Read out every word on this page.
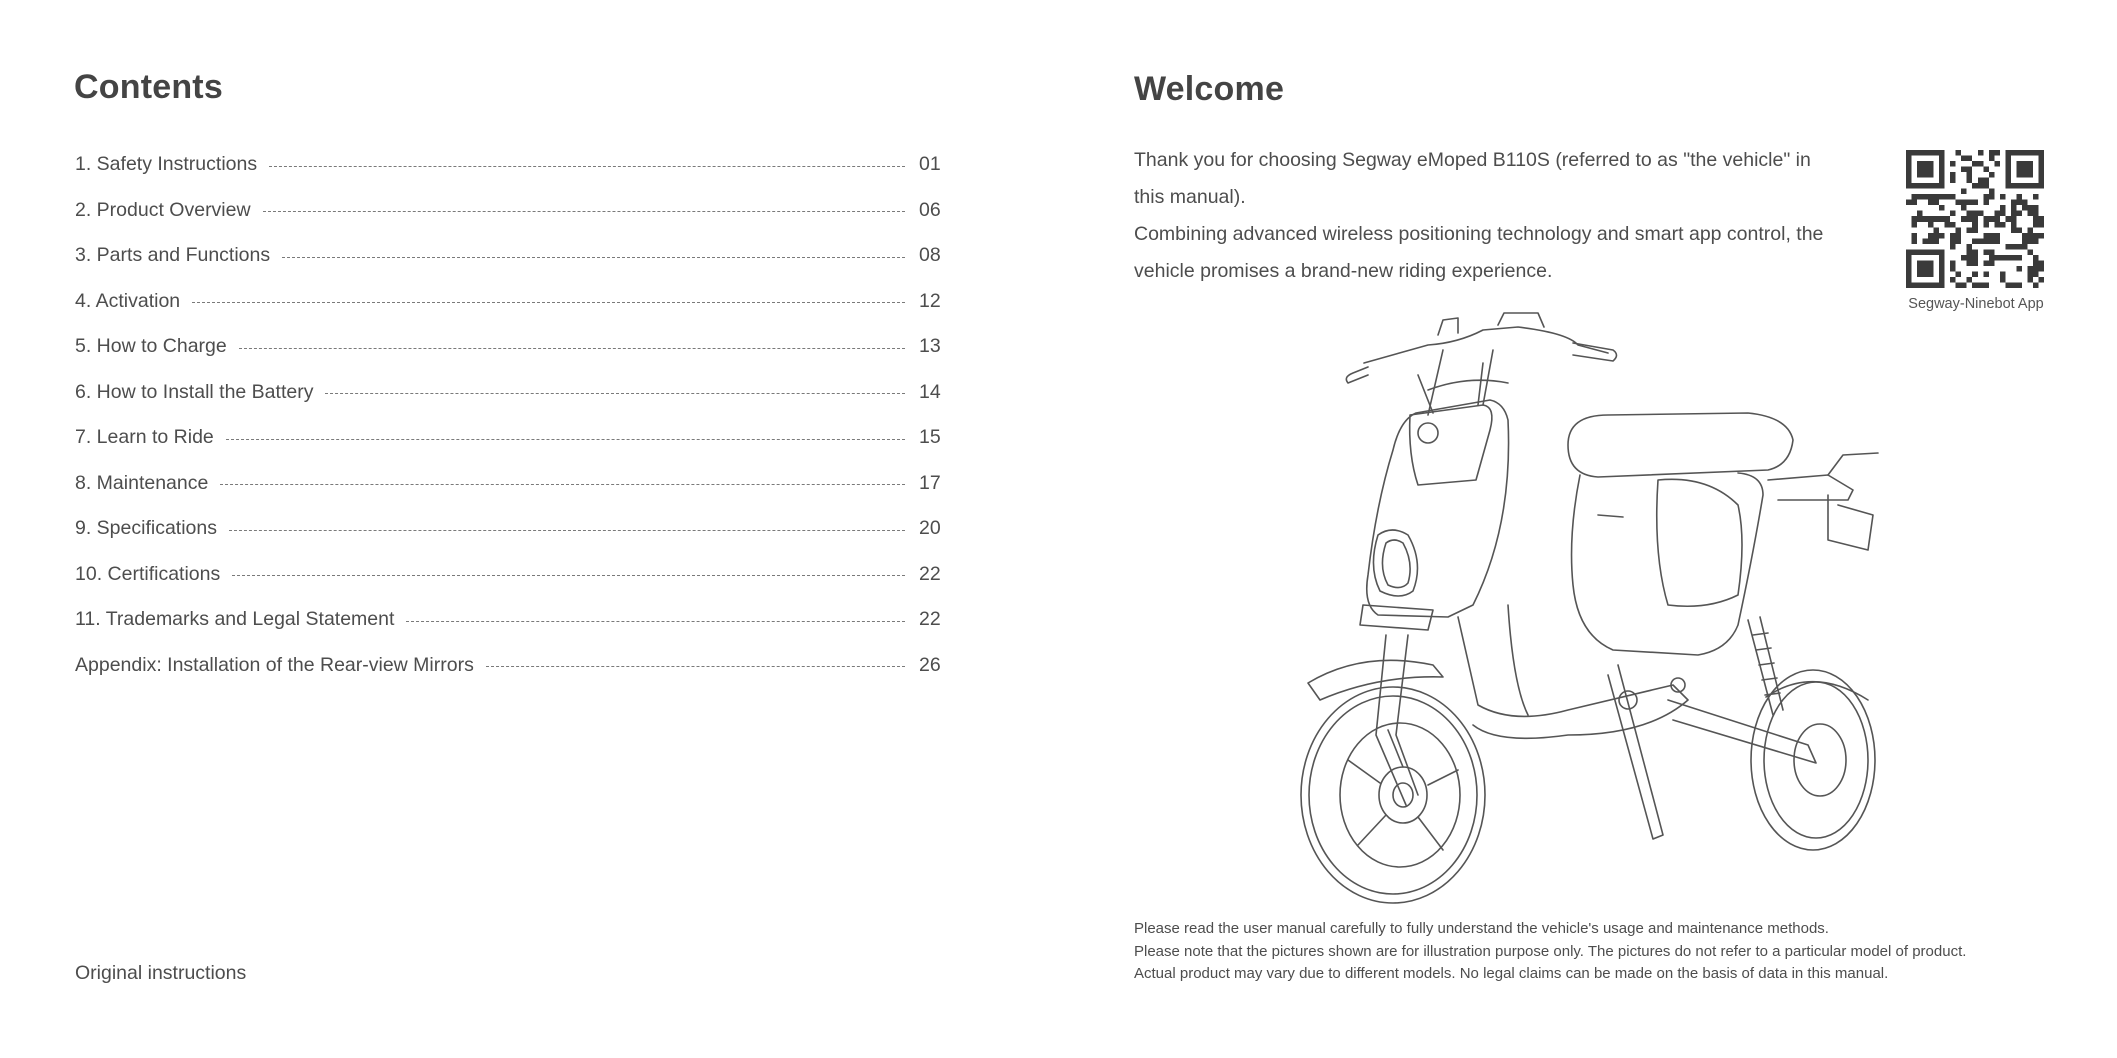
Contents
1. Safety Instructions	01
2. Product Overview	06
3. Parts and Functions	08
4. Activation	12
5. How to Charge	13
6. How to Install the Battery	14
7. Learn to Ride	15
8. Maintenance	17
9. Specifications	20
10. Certifications	22
11. Trademarks and Legal Statement	22
Appendix: Installation of the Rear-view Mirrors	26

Original instructions

Welcome

Thank you for choosing Segway eMoped B110S (referred to as "the vehicle" in this manual).

Combining advanced wireless positioning technology and smart app control, the vehicle promises a brand-new riding experience.

Segway-Ninebot App

Please read the user manual carefully to fully understand the vehicle's usage and maintenance methods.

Please note that the pictures shown are for illustration purpose only. The pictures do not refer to a particular model of product.

Actual product may vary due to different models. No legal claims can be made on the basis of data in this manual.
